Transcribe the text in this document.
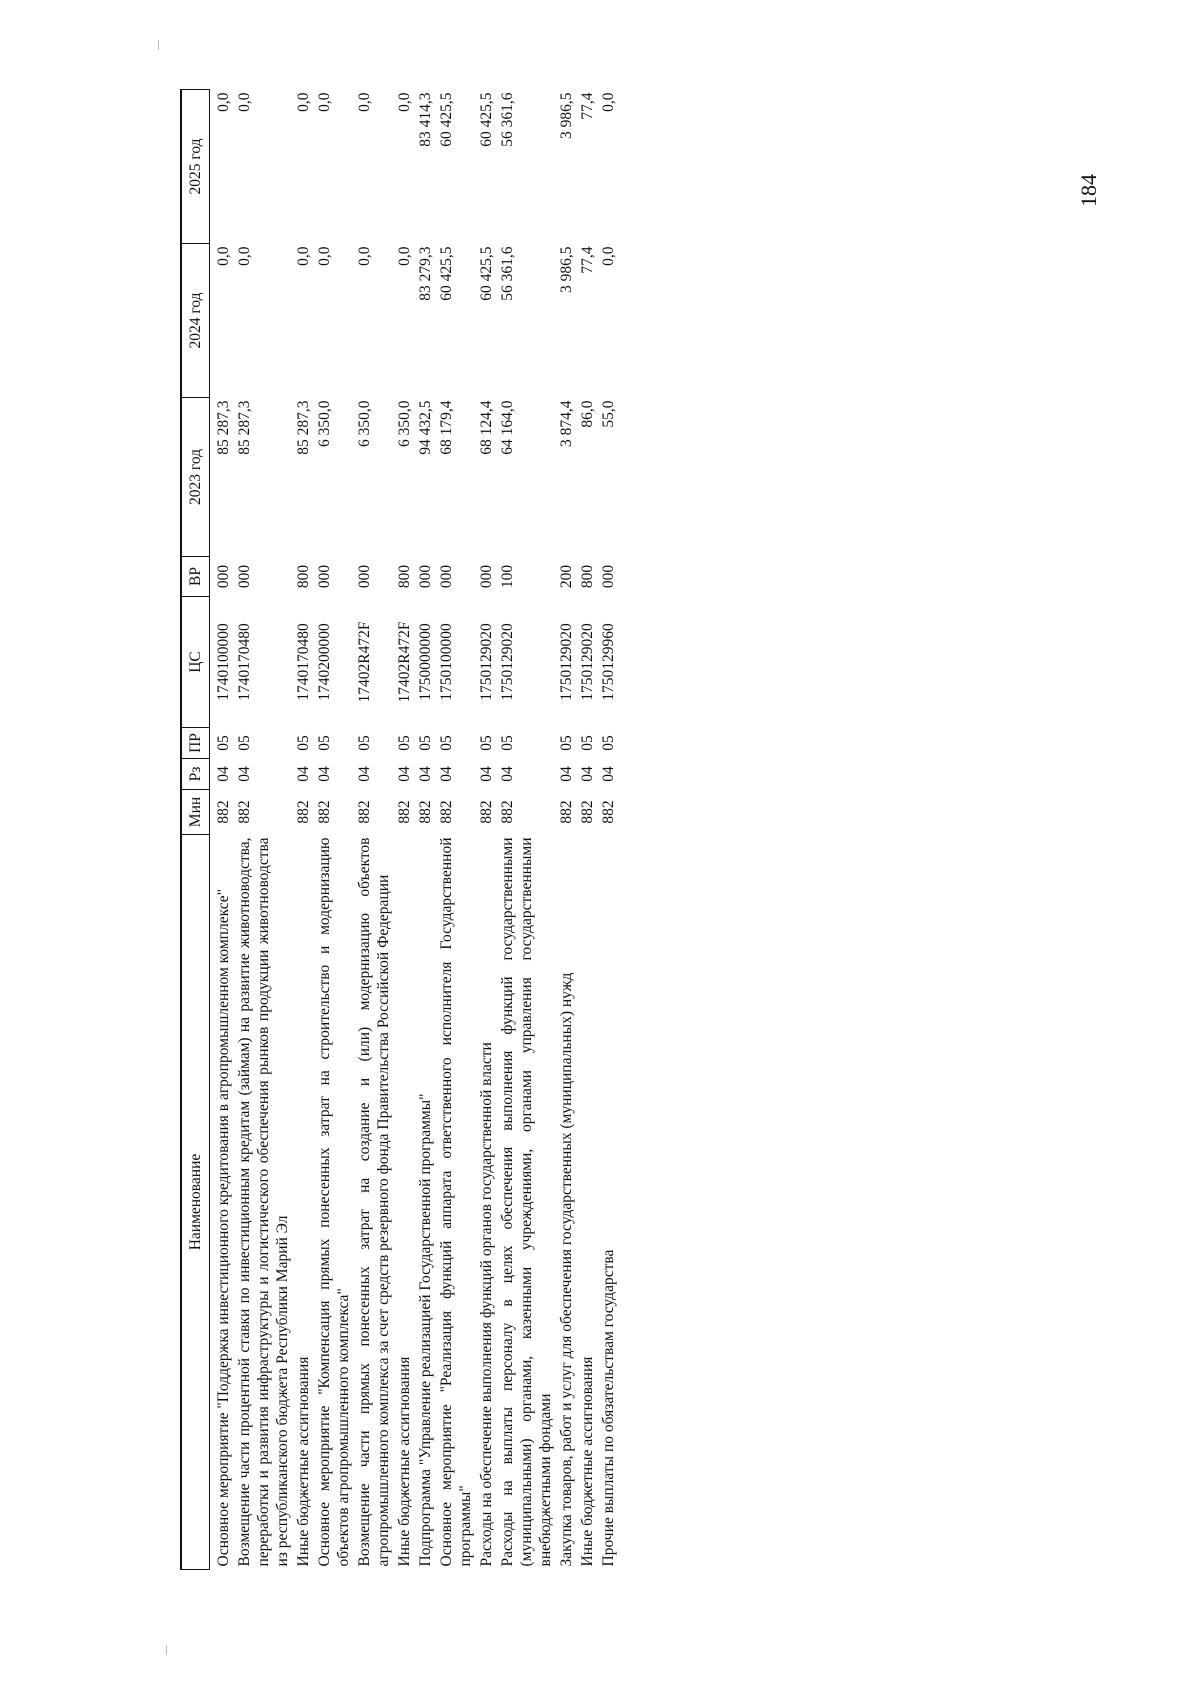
184
Наименование	Мин	Рз	ПР	ЦС	ВР	2023 год	2024 год	2025 год
Основное мероприятие "Поддержка инвестиционного кредитования в агропромышленном комплексе"	882	04	05	1740100000	000	85 287,3	0,0	0,0
Возмещение части процентной ставки по инвестиционным кредитам (займам) на развитие животноводства, переработки и развития инфраструктуры и логистического обеспечения рынков продукции животноводства из республиканского бюджета Республики Марий Эл	882	04	05	1740170480	000	85 287,3	0,0	0,0
Иные бюджетные ассигнования	882	04	05	1740170480	800	85 287,3	0,0	0,0
Основное мероприятие "Компенсация прямых понесенных затрат на строительство и модернизацию объектов агропромышленного комплекса"	882	04	05	1740200000	000	6 350,0	0,0	0,0
Возмещение части прямых понесенных затрат на создание и (или) модернизацию объектов агропромышленного комплекса за счет средств резервного фонда Правительства Российской Федерации	882	04	05	17402R472F	000	6 350,0	0,0	0,0
Иные бюджетные ассигнования	882	04	05	17402R472F	800	6 350,0	0,0	0,0
Подпрограмма "Управление реализацией Государственной программы"	882	04	05	1750000000	000	94 432,5	83 279,3	83 414,3
Основное мероприятие "Реализация функций аппарата ответственного исполнителя Государственной программы"	882	04	05	1750100000	000	68 179,4	60 425,5	60 425,5
Расходы на обеспечение выполнения функций органов государственной власти	882	04	05	1750129020	000	68 124,4	60 425,5	60 425,5
Расходы на выплаты персоналу в целях обеспечения выполнения функций государственными (муниципальными) органами, казенными учреждениями, органами управления государственными внебюджетными фондами	882	04	05	1750129020	100	64 164,0	56 361,6	56 361,6
Закупка товаров, работ и услуг для обеспечения государственных (муниципальных) нужд	882	04	05	1750129020	200	3 874,4	3 986,5	3 986,5
Иные бюджетные ассигнования	882	04	05	1750129020	800	86,0	77,4	77,4
Прочие выплаты по обязательствам государства	882	04	05	1750129960	000	55,0	0,0	0,0
